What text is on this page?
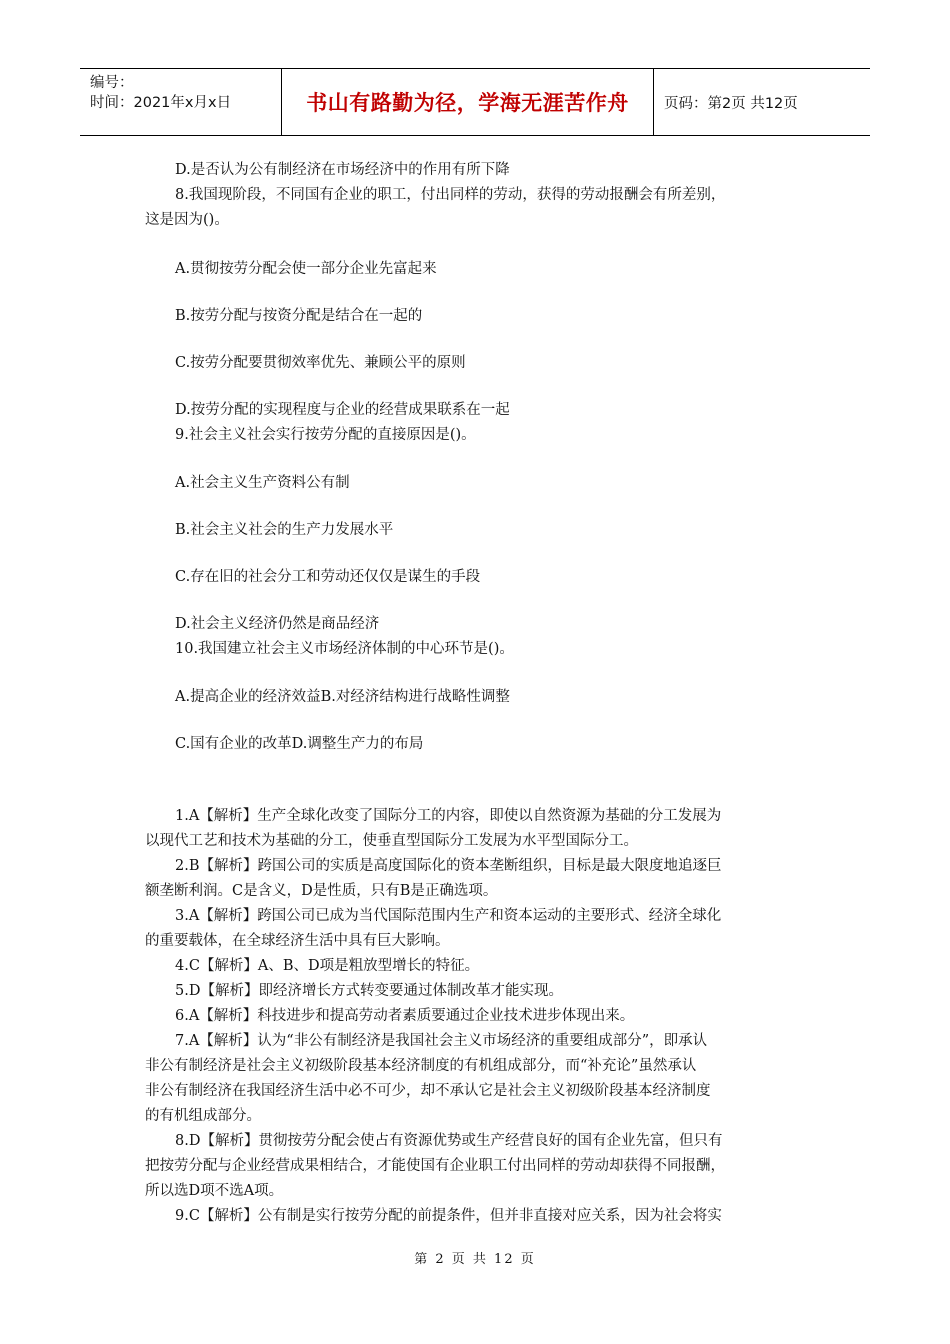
编号：
时间：2021年x月x日	书山有路勤为径，学海无涯苦作舟 页码：第2页 共12页
D.是否认为公有制经济在市场经济中的作用有所下降
8.我国现阶段，不同国有企业的职工，付出同样的劳动，获得的劳动报酬会有所差别，
这是因为()。
A.贯彻按劳分配会使一部分企业先富起来
B.按劳分配与按资分配是结合在一起的
C.按劳分配要贯彻效率优先、兼顾公平的原则
D.按劳分配的实现程度与企业的经营成果联系在一起
9.社会主义社会实行按劳分配的直接原因是()。
A.社会主义生产资料公有制
B.社会主义社会的生产力发展水平
C.存在旧的社会分工和劳动还仅仅是谋生的手段
D.社会主义经济仍然是商品经济
10.我国建立社会主义市场经济体制的中心环节是()。
A.提高企业的经济效益B.对经济结构进行战略性调整
C.国有企业的改革D.调整生产力的布局
1.A【解析】生产全球化改变了国际分工的内容，即使以自然资源为基础的分工发展为
以现代工艺和技术为基础的分工，使垂直型国际分工发展为水平型国际分工。
2.B【解析】跨国公司的实质是高度国际化的资本垄断组织，目标是最大限度地追逐巨
额垄断利润。C是含义，D是性质，只有B是正确选项。
3.A【解析】跨国公司已成为当代国际范围内生产和资本运动的主要形式、经济全球化
的重要载体，在全球经济生活中具有巨大影响。
4.C【解析】A、B、D项是粗放型增长的特征。
5.D【解析】即经济增长方式转变要通过体制改革才能实现。
6.A【解析】科技进步和提高劳动者素质要通过企业技术进步体现出来。
7.A【解析】认为“非公有制经济是我国社会主义市场经济的重要组成部分”，即承认
非公有制经济是社会主义初级阶段基本经济制度的有机组成部分，而“补充论”虽然承认
非公有制经济在我国经济生活中必不可少，却不承认它是社会主义初级阶段基本经济制度
的有机组成部分。
8.D【解析】贯彻按劳分配会使占有资源优势或生产经营良好的国有企业先富，但只有
把按劳分配与企业经营成果相结合，才能使国有企业职工付出同样的劳动却获得不同报酬，
所以选D项不选A项。
9.C【解析】公有制是实行按劳分配的前提条件，但并非直接对应关系，因为社会将实
第 2 页 共 12 页
